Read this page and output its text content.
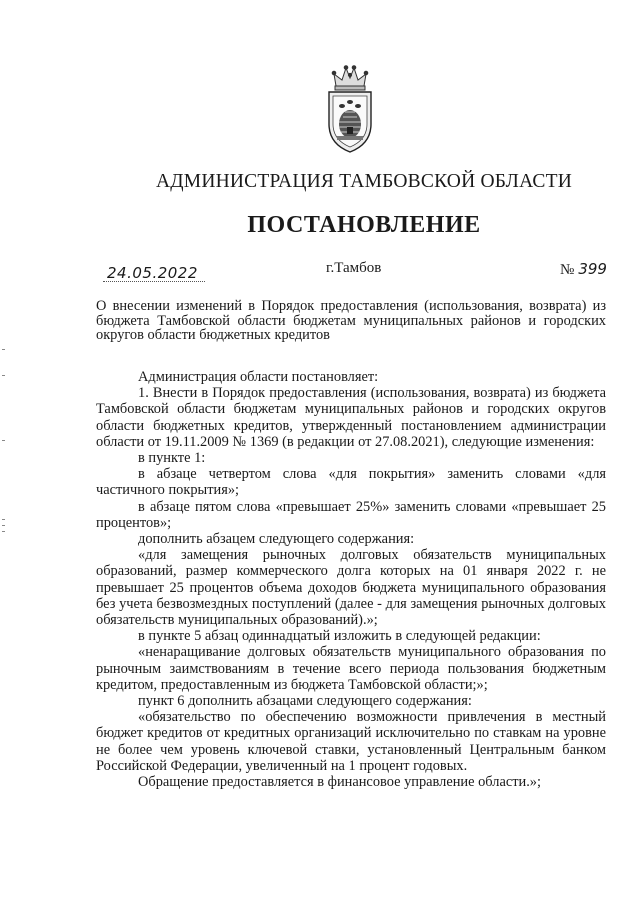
АДМИНИСТРАЦИЯ ТАМБОВСКОЙ ОБЛАСТИ
ПОСТАНОВЛЕНИЕ
24.05.2022	г.Тамбов	№ 399
О внесении изменений в Порядок предоставления (использования, возврата) из бюджета Тамбовской области бюджетам муниципальных районов и городских округов области бюджетных кредитов

Администрация области постановляет:

1. Внести в Порядок предоставления (использования, возврата) из бюджета Тамбовской области бюджетам муниципальных районов и городских округов области бюджетных кредитов, утвержденный постановлением администрации области от 19.11.2009 № 1369 (в редакции от 27.08.2021), следующие изменения:

в пункте 1:

в абзаце четвертом слова «для покрытия» заменить словами «для частичного покрытия»;

в абзаце пятом слова «превышает 25%» заменить словами «превышает 25 процентов»;

дополнить абзацем следующего содержания:

«для замещения рыночных долговых обязательств муниципальных образований, размер коммерческого долга которых на 01 января 2022 г. не превышает 25 процентов объема доходов бюджета муниципального образования без учета безвозмездных поступлений (далее - для замещения рыночных долговых обязательств муниципальных образований).»;

в пункте 5 абзац одиннадцатый изложить в следующей редакции:

«ненаращивание долговых обязательств муниципального образования по рыночным заимствованиям в течение всего периода пользования бюджетным кредитом, предоставленным из бюджета Тамбовской области;»;

пункт 6 дополнить абзацами следующего содержания:

«обязательство по обеспечению возможности привлечения в местный бюджет кредитов от кредитных организаций исключительно по ставкам на уровне не более чем уровень ключевой ставки, установленный Центральным банком Российской Федерации, увеличенный на 1 процент годовых.

Обращение предоставляется в финансовое управление области.»;
